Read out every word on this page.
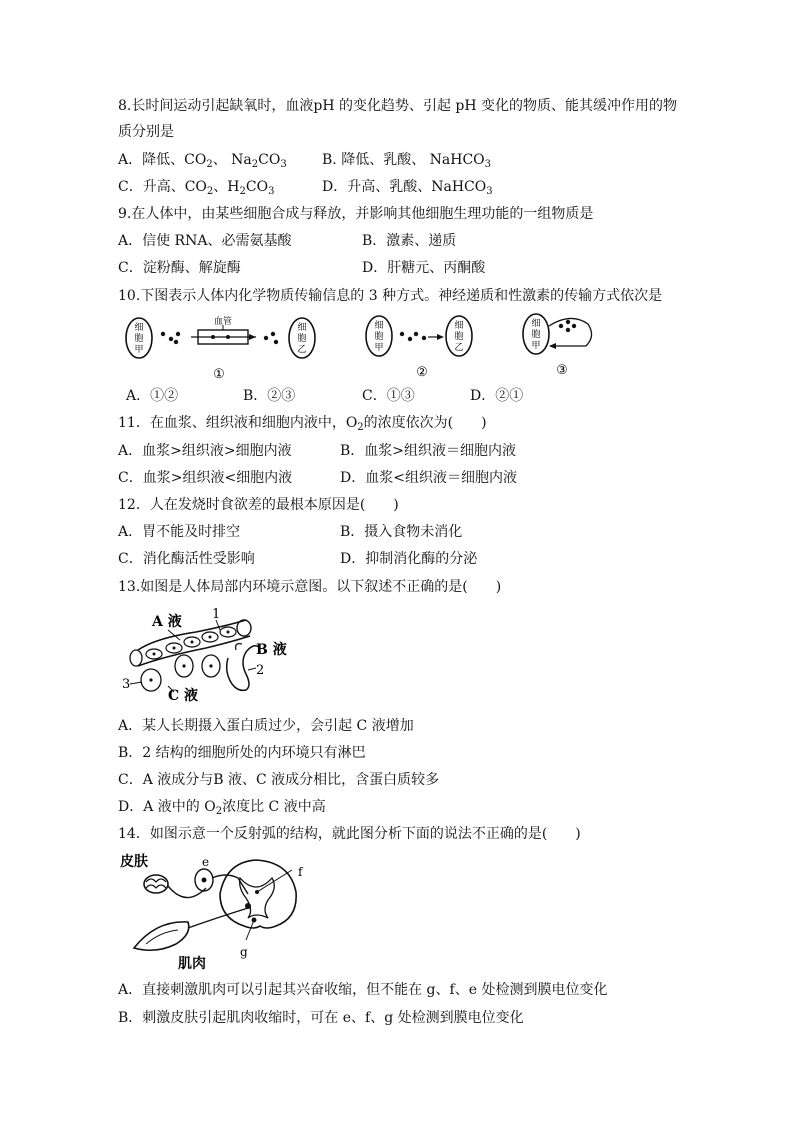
8.长时间运动引起缺氧时，血液pH 的变化趋势、引起 pH 变化的物质、能其缓冲作用的物
质分别是
A．降低、$CO_2$、 $Na_2CO_3$	B. 降低、乳酸、 NaHCO$_3$
C．升高、$CO_2$、$H_2CO_3$	D．升高、乳酸、NaHCO$_3$
9.在人体中，由某些细胞合成与释放，并影响其他细胞生理功能的一组物质是
A．信使 RNA、必需氨基酸	B．激素、递质
C．淀粉酶、解旋酶	D．肝糖元、丙酮酸
10.下图表示人体内化学物质传输信息的 3 种方式。神经递质和性激素的传输方式依次是
细
胞
甲
血管
细
胞
乙
①
细
胞
甲
细
胞
乙
②
细
胞
甲
③
A．①②	B．②③	C．①③	D．②①
11．在血浆、组织液和细胞内液中，$O_2$的浓度依次为(　　)
A．血浆>组织液>细胞内液	B．血浆>组织液＝细胞内液
C．血浆>组织液<细胞内液	D．血浆<组织液＝细胞内液
12．人在发烧时食欲差的最根本原因是(　　)
A．胃不能及时排空	B．摄入食物未消化
C．消化酶活性受影响	D．抑制消化酶的分泌
13.如图是人体局部内环境示意图。以下叙述不正确的是(　　)
A 液 1
B 液
2
3
C 液
A．某人长期摄入蛋白质过少，会引起 C 液增加
B．2 结构的细胞所处的内环境只有淋巴
C．A 液成分与B 液、C 液成分相比，含蛋白质较多
D．A 液中的 $O_2$浓度比 C 液中高
14．如图示意一个反射弧的结构，就此图分析下面的说法不正确的是(　　)
皮肤	e
f
g
肌肉
A．直接刺激肌肉可以引起其兴奋收缩，但不能在 g、f、e 处检测到膜电位变化
B．刺激皮肤引起肌肉收缩时，可在 e、f、g 处检测到膜电位变化
